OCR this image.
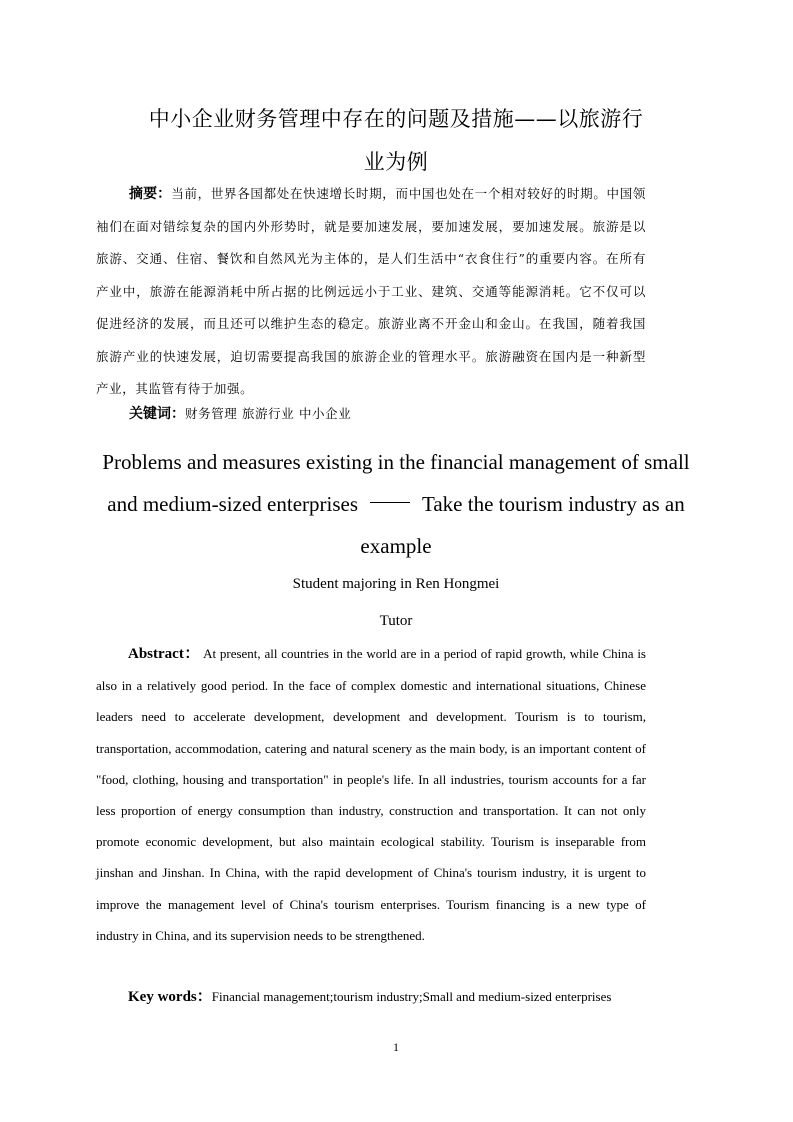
中小企业财务管理中存在的问题及措施——以旅游行
业为例

摘要：当前，世界各国都处在快速增长时期，而中国也处在一个相对较好的时期。中国领袖们在面对错综复杂的国内外形势时，就是要加速发展，要加速发展，要加速发展。旅游是以旅游、交通、住宿、餐饮和自然风光为主体的，是人们生活中“衣食住行”的重要内容。在所有产业中，旅游在能源消耗中所占据的比例远远小于工业、建筑、交通等能源消耗。它不仅可以促进经济的发展，而且还可以维护生态的稳定。旅游业离不开金山和金山。在我国，随着我国旅游产业的快速发展，迫切需要提高我国的旅游企业的管理水平。旅游融资在国内是一种新型产业，其监管有待于加强。

关键词：财务管理 旅游行业 中小企业

Problems and measures existing in the financial management of small and medium-sized enterprises	Take the tourism industry as an example

Student majoring in Ren Hongmei
Tutor

Abstract： At present, all countries in the world are in a period of rapid growth, while China is also in a relatively good period. In the face of complex domestic and international situations, Chinese leaders need to accelerate development, development and development. Tourism is to tourism, transportation, accommodation, catering and natural scenery as the main body, is an important content of "food, clothing, housing and transportation" in people's life. In all industries, tourism accounts for a far less proportion of energy consumption than industry, construction and transportation. It can not only promote economic development, but also maintain ecological stability. Tourism is inseparable from jinshan and Jinshan. In China, with the rapid development of China's tourism industry, it is urgent to improve the management level of China's tourism enterprises. Tourism financing is a new type of industry in China, and its supervision needs to be strengthened.

Key words：Financial management;tourism industry;Small and medium-sized enterprises

1
